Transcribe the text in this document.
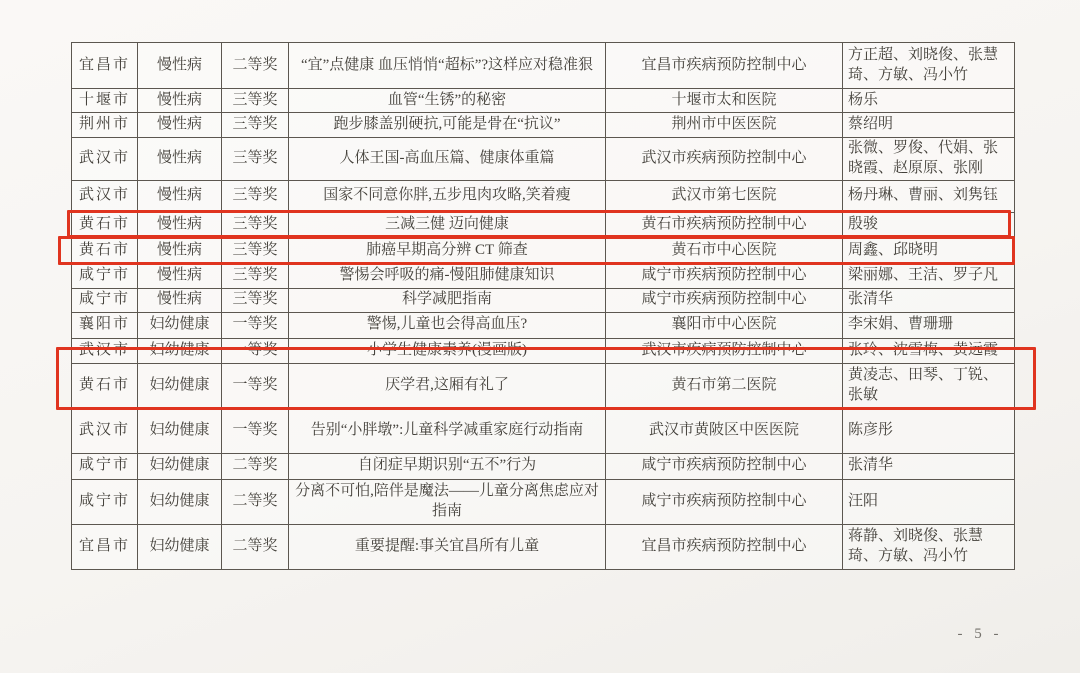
宜昌市	慢性病	二等奖	“宜”点健康 血压悄悄“超标”?这样应对稳准狠	宜昌市疾病预防控制中心	方正超、刘晓俊、张慧琦、方敏、冯小竹
十堰市	慢性病	三等奖	血管“生锈”的秘密	十堰市太和医院	杨乐
荆州市	慢性病	三等奖	跑步膝盖别硬抗,可能是骨在“抗议”	荆州市中医医院	蔡绍明
武汉市	慢性病	三等奖	人体王国-高血压篇、健康体重篇	武汉市疾病预防控制中心	张微、罗俊、代娟、张晓霞、赵原原、张刚
武汉市	慢性病	三等奖	国家不同意你胖,五步甩肉攻略,笑着瘦	武汉市第七医院	杨丹琳、曹丽、刘隽钰
黄石市	慢性病	三等奖	三减三健 迈向健康	黄石市疾病预防控制中心	殷骏
黄石市	慢性病	三等奖	肺癌早期高分辨 CT 筛查	黄石市中心医院	周鑫、邱晓明
咸宁市	慢性病	三等奖	警惕会呼吸的痛-慢阻肺健康知识	咸宁市疾病预防控制中心	梁丽娜、王洁、罗子凡
咸宁市	慢性病	三等奖	科学减肥指南	咸宁市疾病预防控制中心	张清华
襄阳市	妇幼健康	一等奖	警惕,儿童也会得高血压?	襄阳市中心医院	李宋娟、曹珊珊
武汉市	妇幼健康	一等奖	小学生健康素养(漫画版)	武汉市疾病预防控制中心	张玲、沈雪梅、黄远霞
黄石市	妇幼健康	一等奖	厌学君,这厢有礼了	黄石市第二医院	黄凌志、田琴、丁锐、张敏
武汉市	妇幼健康	一等奖	告别“小胖墩”:儿童科学减重家庭行动指南	武汉市黄陂区中医医院	陈彦彤
咸宁市	妇幼健康	二等奖	自闭症早期识别“五不”行为	咸宁市疾病预防控制中心	张清华
咸宁市	妇幼健康	二等奖	分离不可怕,陪伴是魔法——儿童分离焦虑应对指南	咸宁市疾病预防控制中心	汪阳
宜昌市	妇幼健康	二等奖	重要提醒:事关宜昌所有儿童	宜昌市疾病预防控制中心	蒋静、刘晓俊、张慧琦、方敏、冯小竹
- 5 -
